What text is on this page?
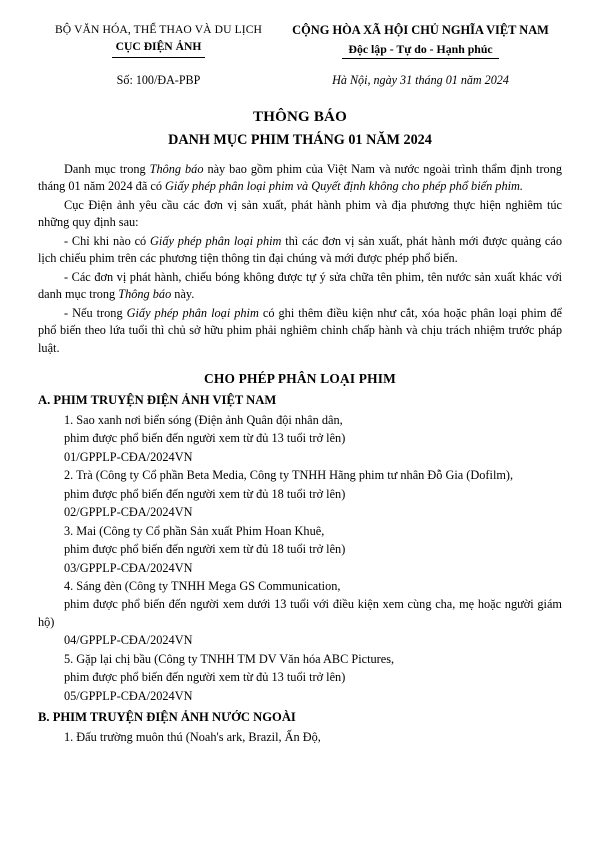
BỘ VĂN HÓA, THỂ THAO VÀ DU LỊCH
CỤC ĐIỆN ẢNH
CỘNG HÒA XÃ HỘI CHỦ NGHĨA VIỆT NAM
Độc lập - Tự do - Hạnh phúc
Số: 100/ĐA-PBP	Hà Nội, ngày 31 tháng 01 năm 2024
THÔNG BÁO
DANH MỤC PHIM THÁNG 01 NĂM 2024

Danh mục trong Thông báo này bao gồm phim của Việt Nam và nước ngoài trình thẩm định trong tháng 01 năm 2024 đã có Giấy phép phân loại phim và Quyết định không cho phép phổ biến phim.

Cục Điện ảnh yêu cầu các đơn vị sản xuất, phát hành phim và địa phương thực hiện nghiêm túc những quy định sau:

- Chỉ khi nào có Giấy phép phân loại phim thì các đơn vị sản xuất, phát hành mới được quảng cáo lịch chiếu phim trên các phương tiện thông tin đại chúng và mới được phép phổ biến.

- Các đơn vị phát hành, chiếu bóng không được tự ý sửa chữa tên phim, tên nước sản xuất khác với danh mục trong Thông báo này.

- Nếu trong Giấy phép phân loại phim có ghi thêm điều kiện như cắt, xóa hoặc phân loại phim để phổ biến theo lứa tuổi thì chủ sở hữu phim phải nghiêm chỉnh chấp hành và chịu trách nhiệm trước pháp luật.

CHO PHÉP PHÂN LOẠI PHIM
A. PHIM TRUYỆN ĐIỆN ẢNH VIỆT NAM

1. Sao xanh nơi biển sóng (Điện ảnh Quân đội nhân dân,

phim được phổ biến đến người xem từ đủ 13 tuổi trở lên)

01/GPPLP-CĐA/2024VN

2. Trà (Công ty Cổ phần Beta Media, Công ty TNHH Hãng phim tư nhân Đỗ Gia (Dofilm),

phim được phổ biến đến người xem từ đủ 18 tuổi trở lên)

02/GPPLP-CĐA/2024VN

3. Mai (Công ty Cổ phần Sản xuất Phim Hoan Khuê,

phim được phổ biến đến người xem từ đủ 18 tuổi trở lên)

03/GPPLP-CĐA/2024VN

4. Sáng đèn (Công ty TNHH Mega GS Communication,

phim được phổ biến đến người xem dưới 13 tuổi với điều kiện xem cùng cha, mẹ hoặc người giám hộ)

04/GPPLP-CĐA/2024VN

5. Gặp lại chị bầu (Công ty TNHH TM DV Văn hóa ABC Pictures,

phim được phổ biến đến người xem từ đủ 13 tuổi trở lên)

05/GPPLP-CĐA/2024VN

B. PHIM TRUYỆN ĐIỆN ẢNH NƯỚC NGOÀI

1. Đấu trường muôn thú (Noah's ark, Brazil, Ấn Độ,
